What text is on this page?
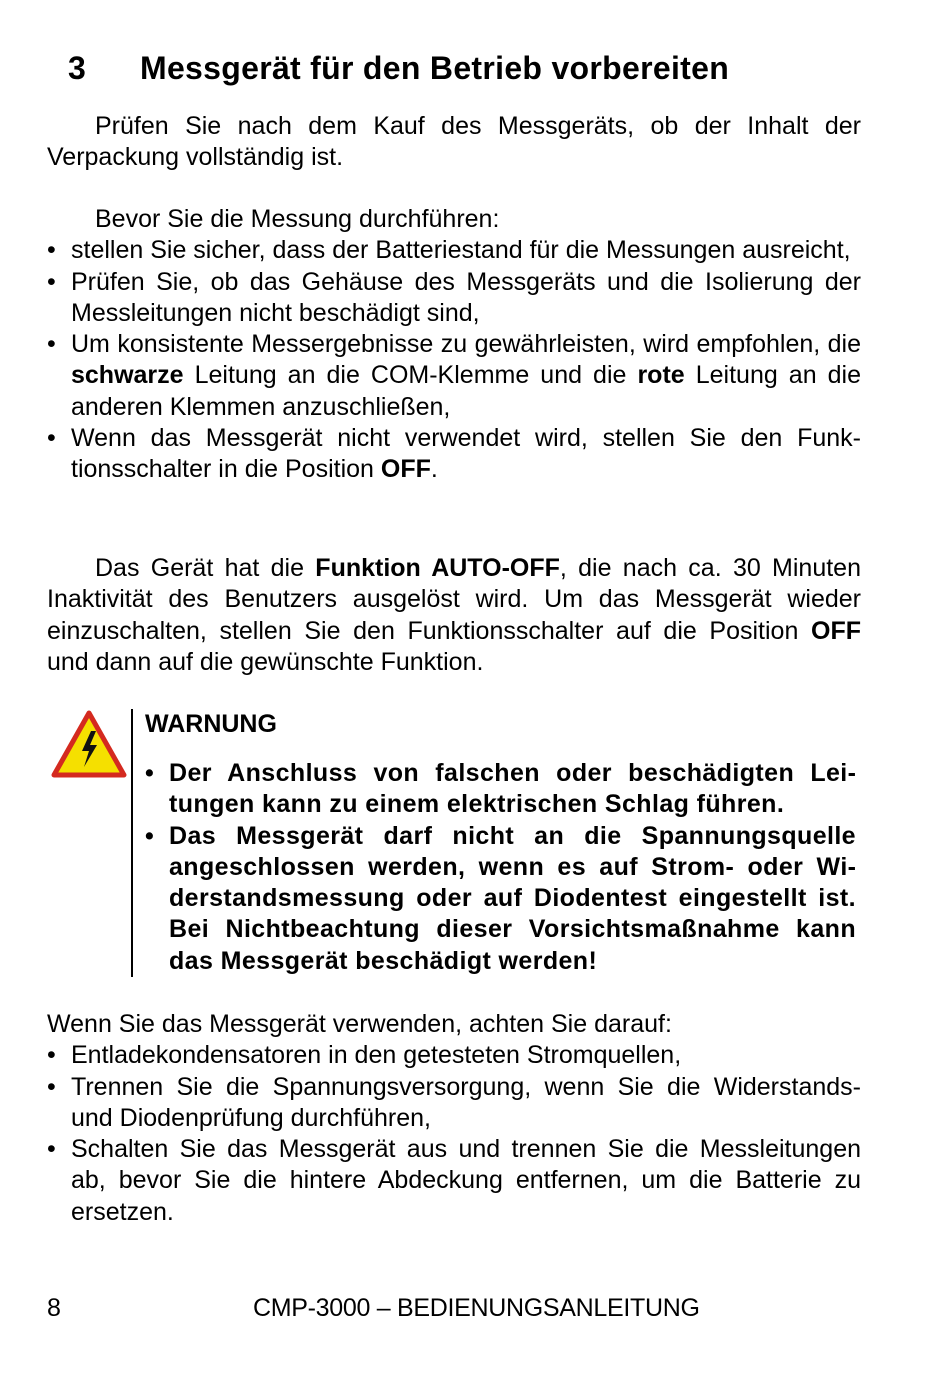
3 Messgerät für den Betrieb vorbereiten

Prüfen Sie nach dem Kauf des Messgeräts, ob der Inhalt der Verpackung vollständig ist.

Bevor Sie die Messung durchführen:

• stellen Sie sicher, dass der Batteriestand für die Messungen ausreicht,
• Prüfen Sie, ob das Gehäuse des Messgeräts und die Isolierung der Messleitungen nicht beschädigt sind,
• Um konsistente Messergebnisse zu gewährleisten, wird empfohlen, die schwarze Leitung an die COM-Klemme und die rote Leitung an die anderen Klemmen anzuschließen,
• Wenn das Messgerät nicht verwendet wird, stellen Sie den Funktionsschalter in die Position OFF.

Das Gerät hat die Funktion AUTO-OFF, die nach ca. 30 Minuten Inaktivität des Benutzers ausgelöst wird. Um das Messgerät wieder einzuschalten, stellen Sie den Funktionsschalter auf die Position OFF und dann auf die gewünschte Funktion.

WARNUNG

• Der Anschluss von falschen oder beschädigten Leitungen kann zu einem elektrischen Schlag führen.
• Das Messgerät darf nicht an die Spannungsquelle angeschlossen werden, wenn es auf Strom- oder Widerstandsmessung oder auf Diodentest eingestellt ist. Bei Nichtbeachtung dieser Vorsichtsmaßnahme kann das Messgerät beschädigt werden!

Wenn Sie das Messgerät verwenden, achten Sie darauf:

• Entladekondensatoren in den getesteten Stromquellen,
• Trennen Sie die Spannungsversorgung, wenn Sie die Widerstands- und Diodenprüfung durchführen,
• Schalten Sie das Messgerät aus und trennen Sie die Messleitungen ab, bevor Sie die hintere Abdeckung entfernen, um die Batterie zu ersetzen.
8	CMP-3000 – BEDIENUNGSANLEITUNG
